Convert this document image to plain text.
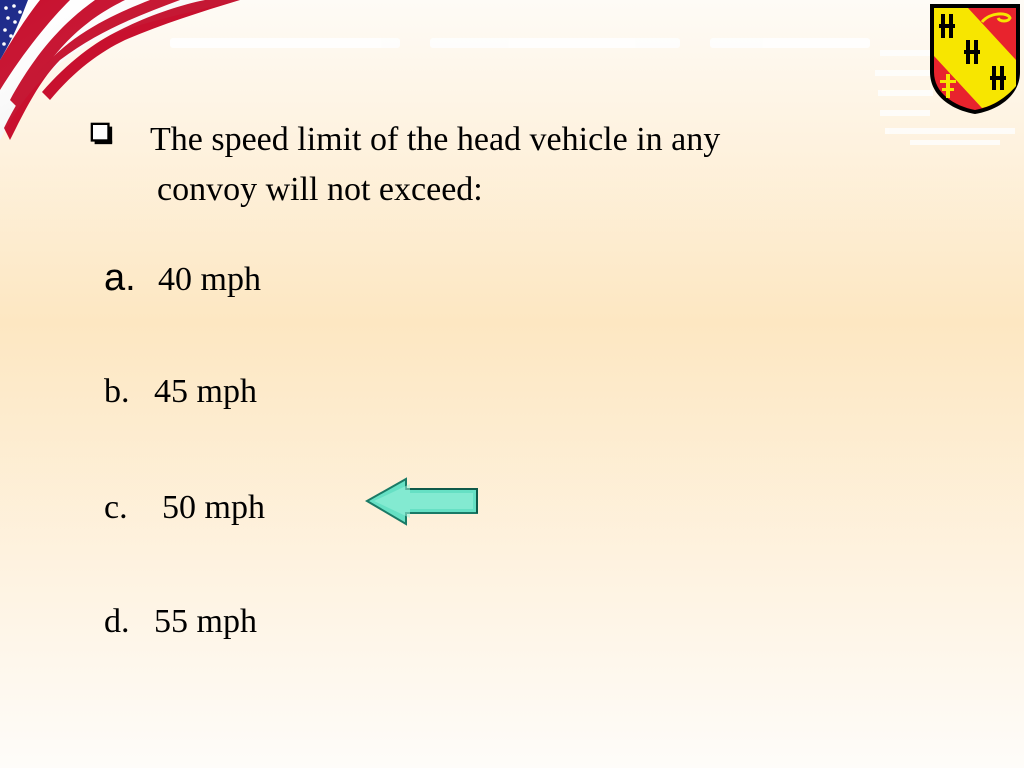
The speed limit of the head vehicle in any
convoy will not exceed:
a. 40 mph
b. 45 mph
c. 50 mph
d. 55 mph
